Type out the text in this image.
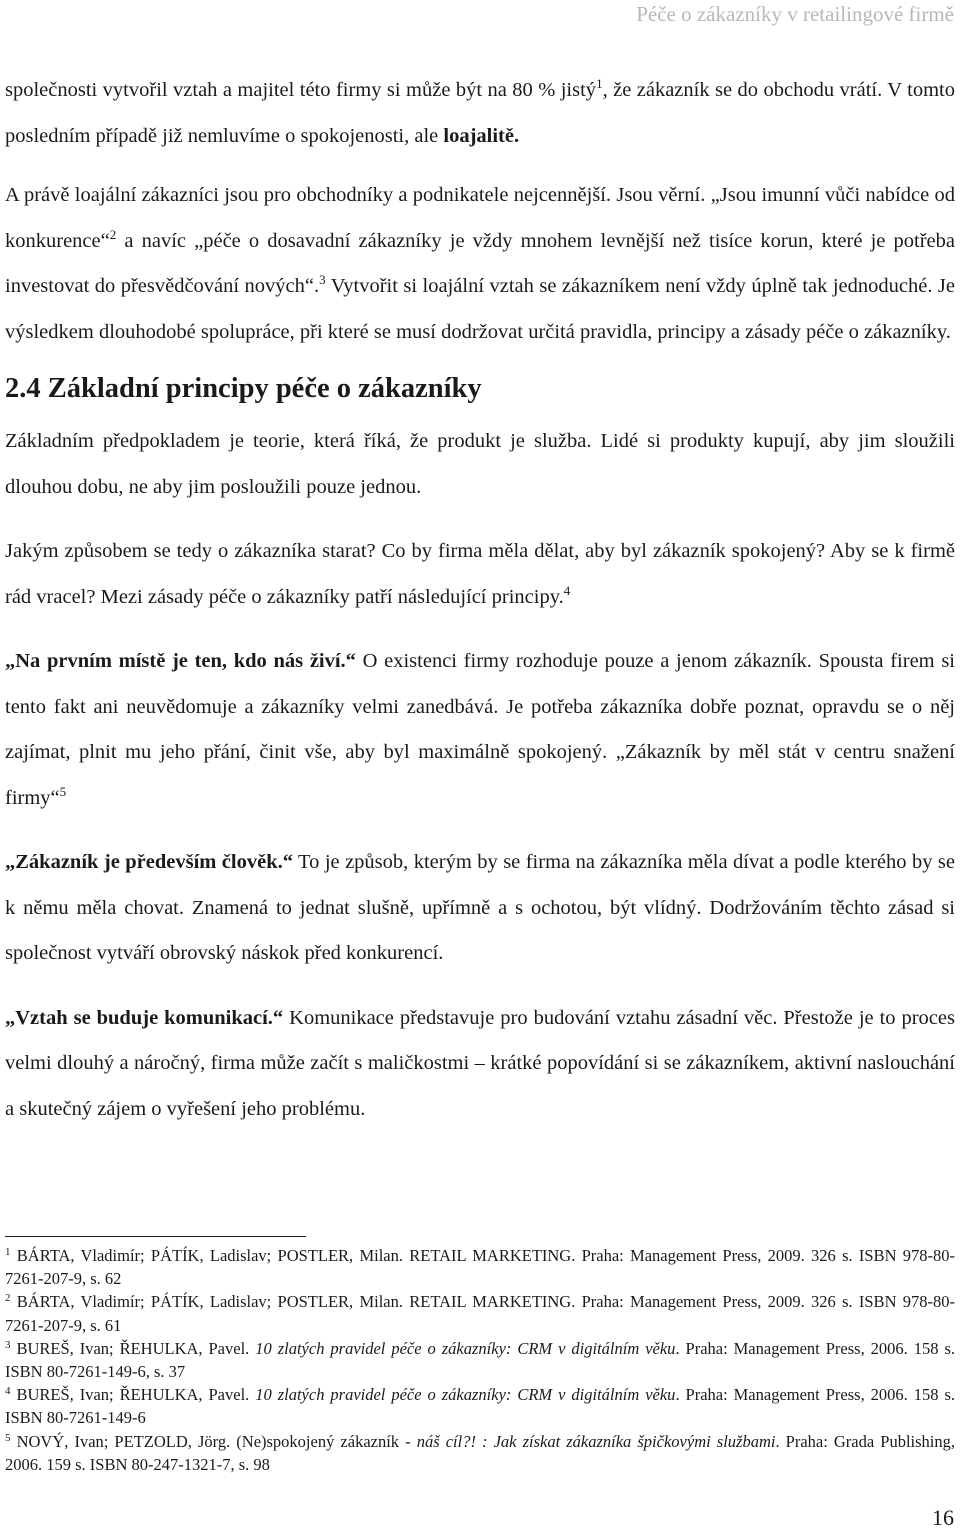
Péče o zákazníky v retailingové firmě

společnosti vytvořil vztah a majitel této firmy si může být na 80 % jistý$^1$, že zákazník se do obchodu vrátí. V tomto posledním případě již nemluvíme o spokojenosti, ale loajalitě.

A právě loajální zákazníci jsou pro obchodníky a podnikatele nejcennější. Jsou věrní. „Jsou imunní vůči nabídce od konkurence“$^2$ a navíc „péče o dosavadní zákazníky je vždy mnohem levnější než tisíce korun, které je potřeba investovat do přesvědčování nových“.$^3$ Vytvořit si loajální vztah se zákazníkem není vždy úplně tak jednoduché. Je výsledkem dlouhodobé spolupráce, při které se musí dodržovat určitá pravidla, principy a zásady péče o zákazníky.

2.4 Základní principy péče o zákazníky

Základním předpokladem je teorie, která říká, že produkt je služba. Lidé si produkty kupují, aby jim sloužili dlouhou dobu, ne aby jim posloužili pouze jednou.

Jakým způsobem se tedy o zákazníka starat? Co by firma měla dělat, aby byl zákazník spokojený? Aby se k firmě rád vracel? Mezi zásady péče o zákazníky patří následující principy.$^4$

„Na prvním místě je ten, kdo nás živí.“ O existenci firmy rozhoduje pouze a jenom zákazník. Spousta firem si tento fakt ani neuvědomuje a zákazníky velmi zanedbává. Je potřeba zákazníka dobře poznat, opravdu se o něj zajímat, plnit mu jeho přání, činit vše, aby byl maximálně spokojený. „Zákazník by měl stát v centru snažení firmy“$^5$

„Zákazník je především člověk.“ To je způsob, kterým by se firma na zákazníka měla dívat a podle kterého by se k němu měla chovat. Znamená to jednat slušně, upřímně a s ochotou, být vlídný. Dodržováním těchto zásad si společnost vytváří obrovský náskok před konkurencí.

„Vztah se buduje komunikací.“ Komunikace představuje pro budování vztahu zásadní věc. Přestože je to proces velmi dlouhý a náročný, firma může začít s maličkostmi – krátké popovídání si se zákazníkem, aktivní naslouchání a skutečný zájem o vyřešení jeho problému.

$^1$ BÁRTA, Vladimír; PÁTÍK, Ladislav; POSTLER, Milan. RETAIL MARKETING. Praha: Management Press, 2009. 326 s. ISBN 978-80-7261-207-9, s. 62

$^2$ BÁRTA, Vladimír; PÁTÍK, Ladislav; POSTLER, Milan. RETAIL MARKETING. Praha: Management Press, 2009. 326 s. ISBN 978-80-7261-207-9, s. 61

$^3$ BUREŠ, Ivan; ŘEHULKA, Pavel. 10 zlatých pravidel péče o zákazníky: CRM v digitálním věku. Praha: Management Press, 2006. 158 s. ISBN 80-7261-149-6, s. 37

$^4$ BUREŠ, Ivan; ŘEHULKA, Pavel. 10 zlatých pravidel péče o zákazníky: CRM v digitálním věku. Praha: Management Press, 2006. 158 s. ISBN 80-7261-149-6

$^5$ NOVÝ, Ivan; PETZOLD, Jörg. (Ne)spokojený zákazník - náš cíl?! : Jak získat zákazníka špičkovými službami. Praha: Grada Publishing, 2006. 159 s. ISBN 80-247-1321-7, s. 98

16
